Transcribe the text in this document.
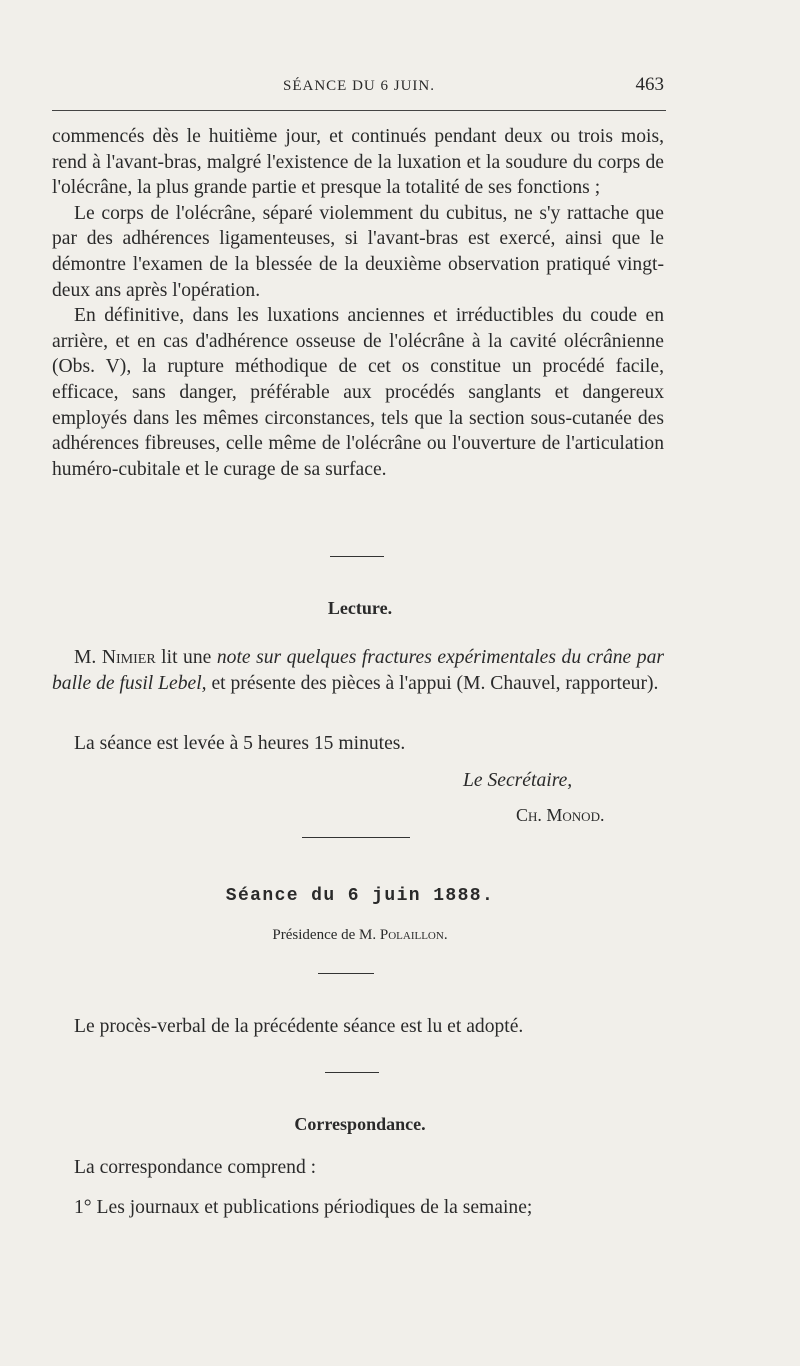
SÉANCE DU 6 JUIN.	463

commencés dès le huitième jour, et continués pendant deux ou trois mois, rend à l'avant-bras, malgré l'existence de la luxation et la soudure du corps de l'olécrâne, la plus grande partie et presque la totalité de ses fonctions ;

Le corps de l'olécrâne, séparé violemment du cubitus, ne s'y rattache que par des adhérences ligamenteuses, si l'avant-bras est exercé, ainsi que le démontre l'examen de la blessée de la deuxième observation pratiqué vingt-deux ans après l'opération.

En définitive, dans les luxations anciennes et irréductibles du coude en arrière, et en cas d'adhérence osseuse de l'olécrâne à la cavité olécrânienne (Obs. V), la rupture méthodique de cet os constitue un procédé facile, efficace, sans danger, préférable aux procédés sanglants et dangereux employés dans les mêmes circonstances, tels que la section sous-cutanée des adhérences fibreuses, celle même de l'olécrâne ou l'ouverture de l'articulation huméro-cubitale et le curage de sa surface.

Lecture.
M. Nimier lit une note sur quelques fractures expérimentales du crâne par balle de fusil Lebel, et présente des pièces à l'appui (M. Chauvel, rapporteur).
La séance est levée à 5 heures 15 minutes.
Le Secrétaire,
Ch. Monod.
Séance du 6 juin 1888.
Présidence de M. Polaillon.
Le procès-verbal de la précédente séance est lu et adopté.
Correspondance.
La correspondance comprend :
1° Les journaux et publications périodiques de la semaine;
